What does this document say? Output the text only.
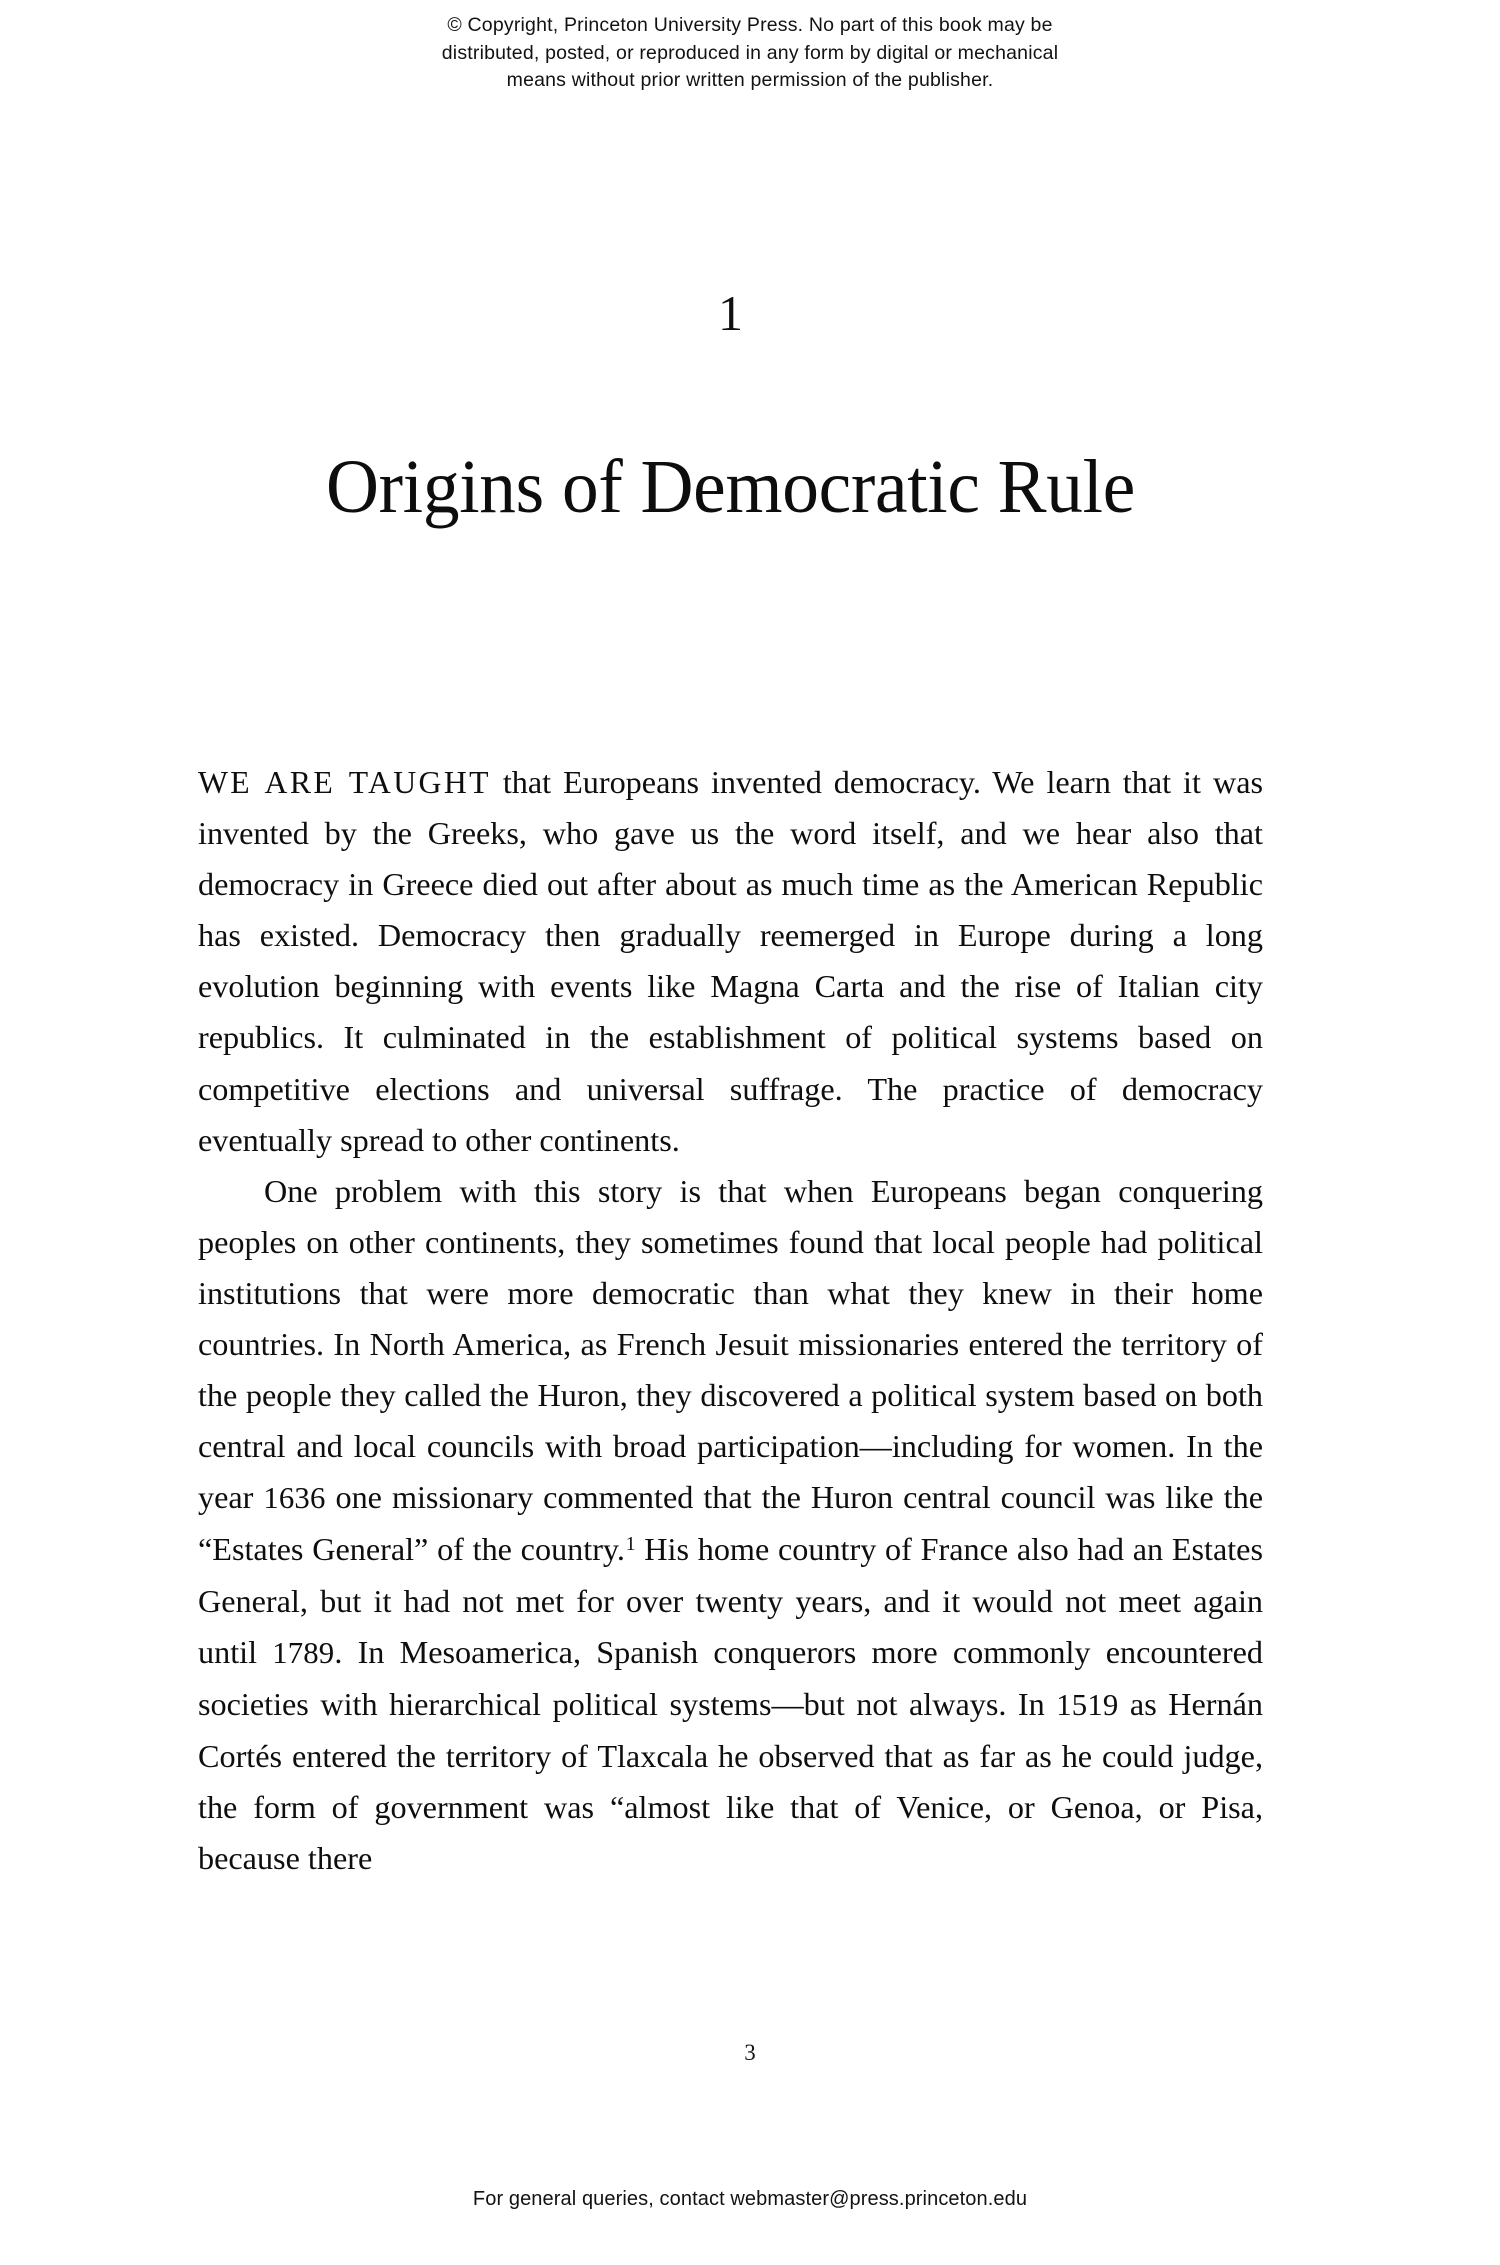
© Copyright, Princeton University Press. No part of this book may be
distributed, posted, or reproduced in any form by digital or mechanical
means without prior written permission of the publisher.
1
Origins of Democratic Rule

WE ARE TAUGHT that Europeans invented democracy. We learn that it was invented by the Greeks, who gave us the word itself, and we hear also that democracy in Greece died out after about as much time as the American Republic has existed. Democracy then gradually reemerged in Europe during a long evolution beginning with events like Magna Carta and the rise of Italian city republics. It culminated in the establishment of political systems based on competitive elections and universal suffrage. The practice of democracy eventually spread to other continents.

One problem with this story is that when Europeans began conquering peoples on other continents, they sometimes found that local people had political institutions that were more democratic than what they knew in their home countries. In North America, as French Jesuit missionaries entered the territory of the people they called the Huron, they discovered a political system based on both central and local councils with broad participation—including for women. In the year 1636 one missionary commented that the Huron central council was like the “Estates General” of the country.$^1$ His home country of France also had an Estates General, but it had not met for over twenty years, and it would not meet again until 1789. In Mesoamerica, Spanish conquerors more commonly encountered societies with hierarchical political systems—but not always. In 1519 as Hernán Cortés entered the territory of Tlaxcala he observed that as far as he could judge, the form of government was “almost like that of Venice, or Genoa, or Pisa, because there

3
For general queries, contact webmaster@press.princeton.edu
